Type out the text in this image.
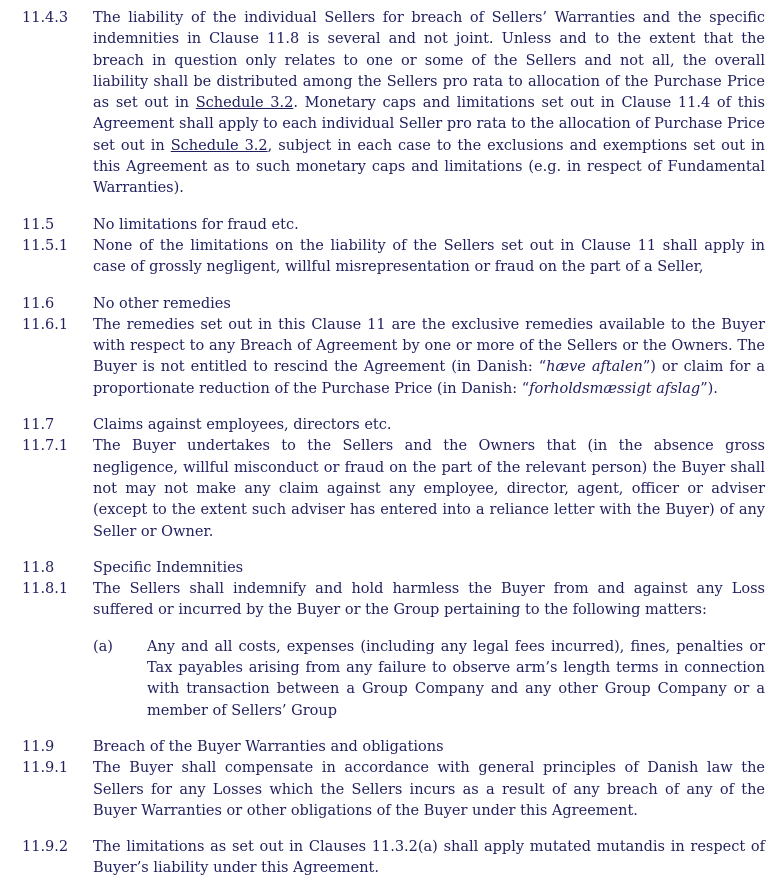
11.4.3	The liability of the individual Sellers for breach of Sellers’ Warranties and the specific indemnities in Clause 11.8 is several and not joint. Unless and to the extent that the breach in question only relates to one or some of the Sellers and not all, the overall liability shall be distributed among the Sellers pro rata to allocation of the Purchase Price as set out in Schedule 3.2. Monetary caps and limitations set out in Clause 11.4 of this Agreement shall apply to each individual Seller pro rata to the allocation of Purchase Price set out in Schedule 3.2, subject in each case to the exclusions and exemptions set out in this Agreement as to such monetary caps and limitations (e.g. in respect of Fundamental Warranties).
11.5	No limitations for fraud etc.
11.5.1	None of the limitations on the liability of the Sellers set out in Clause 11 shall apply in case of grossly negligent, willful misrepresentation or fraud on the part of a Seller,
11.6	No other remedies
11.6.1	The remedies set out in this Clause 11 are the exclusive remedies available to the Buyer with respect to any Breach of Agreement by one or more of the Sellers or the Owners. The Buyer is not entitled to rescind the Agreement (in Danish: “hæve aftalen”) or claim for a proportionate reduction of the Purchase Price (in Danish: “forholdsmæssigt afslag”).
11.7	Claims against employees, directors etc.
11.7.1	The Buyer undertakes to the Sellers and the Owners that (in the absence gross negligence, willful misconduct or fraud on the part of the relevant person) the Buyer shall not may not make any claim against any employee, director, agent, officer or adviser (except to the extent such adviser has entered into a reliance letter with the Buyer) of any Seller or Owner.
11.8	Specific Indemnities
11.8.1	The Sellers shall indemnify and hold harmless the Buyer from and against any Loss suffered or incurred by the Buyer or the Group pertaining to the following matters:
(a)	Any and all costs, expenses (including any legal fees incurred), fines, penalties or Tax payables arising from any failure to observe arm’s length terms in connection with transaction between a Group Company and any other Group Company or a member of Sellers’ Group
11.9	Breach of the Buyer Warranties and obligations
11.9.1	The Buyer shall compensate in accordance with general principles of Danish law the Sellers for any Losses which the Sellers incurs as a result of any breach of any of the Buyer Warranties or other obligations of the Buyer under this Agreement.
11.9.2	The limitations as set out in Clauses 11.3.2(a) shall apply mutated mutandis in respect of Buyer’s liability under this Agreement.
